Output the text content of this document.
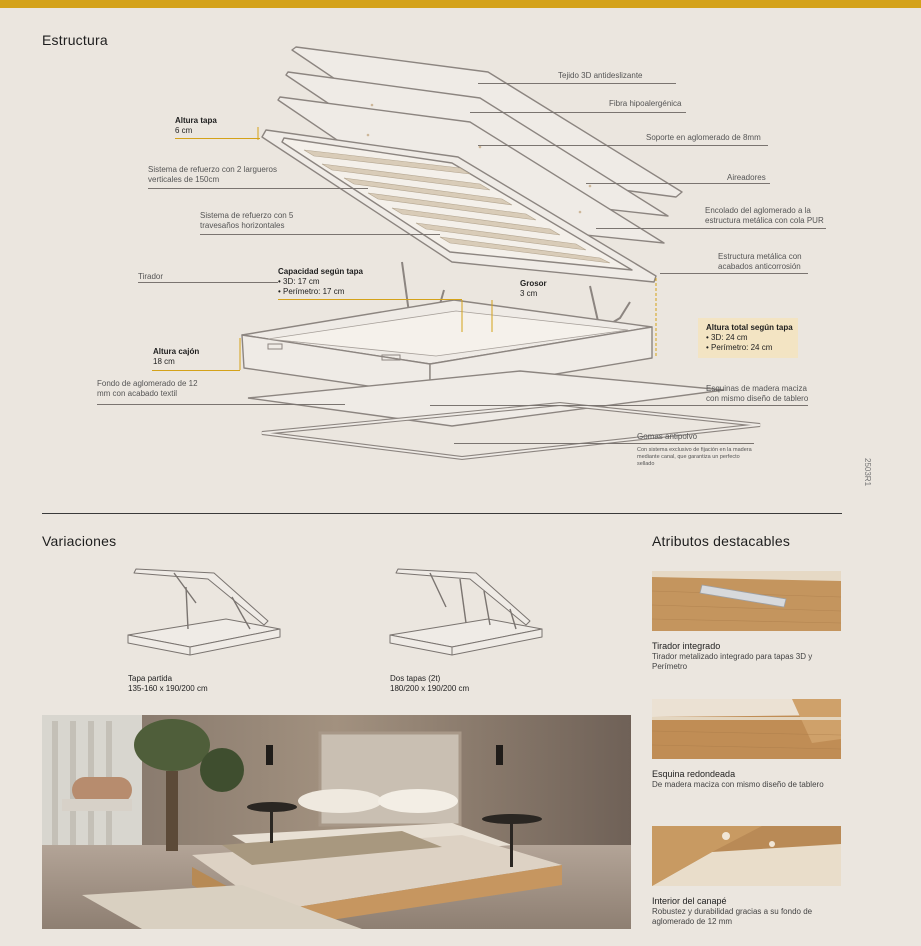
Estructura
Altura tapa
6 cm
Sistema de refuerzo con 2 largueros verticales de 150cm
Sistema de refuerzo con 5 travesaños horizontales
Tirador
Capacidad según tapa
• 3D: 17 cm
• Perímetro: 17 cm
Grosor
3 cm
Altura cajón
18 cm
Fondo de aglomerado de 12 mm con acabado textil
Tejido 3D antideslizante
Fibra hipoalergénica
Soporte en aglomerado de 8mm
Aireadores
Encolado del aglomerado a la estructura metálica con cola PUR
Estructura metálica con acabados anticorrosión
Altura total según tapa
• 3D: 24 cm
• Perímetro: 24 cm
Esquinas de madera maciza con mismo diseño de tablero
Gomas antipolvo
Con sistema exclusivo de fijación en la madera mediante canal, que garantiza un perfecto sellado	2503R1
Variaciones
Tapa partida
135-160 x 190/200 cm
Dos tapas (2t)
180/200 x 190/200 cm
Atributos destacables
Tirador integrado
Tirador metalizado integrado para tapas 3D y Perímetro
Esquina redondeada
De madera maciza con mismo diseño de tablero
Interior del canapé
Robustez y durabilidad gracias a su fondo de aglomerado de 12 mm
